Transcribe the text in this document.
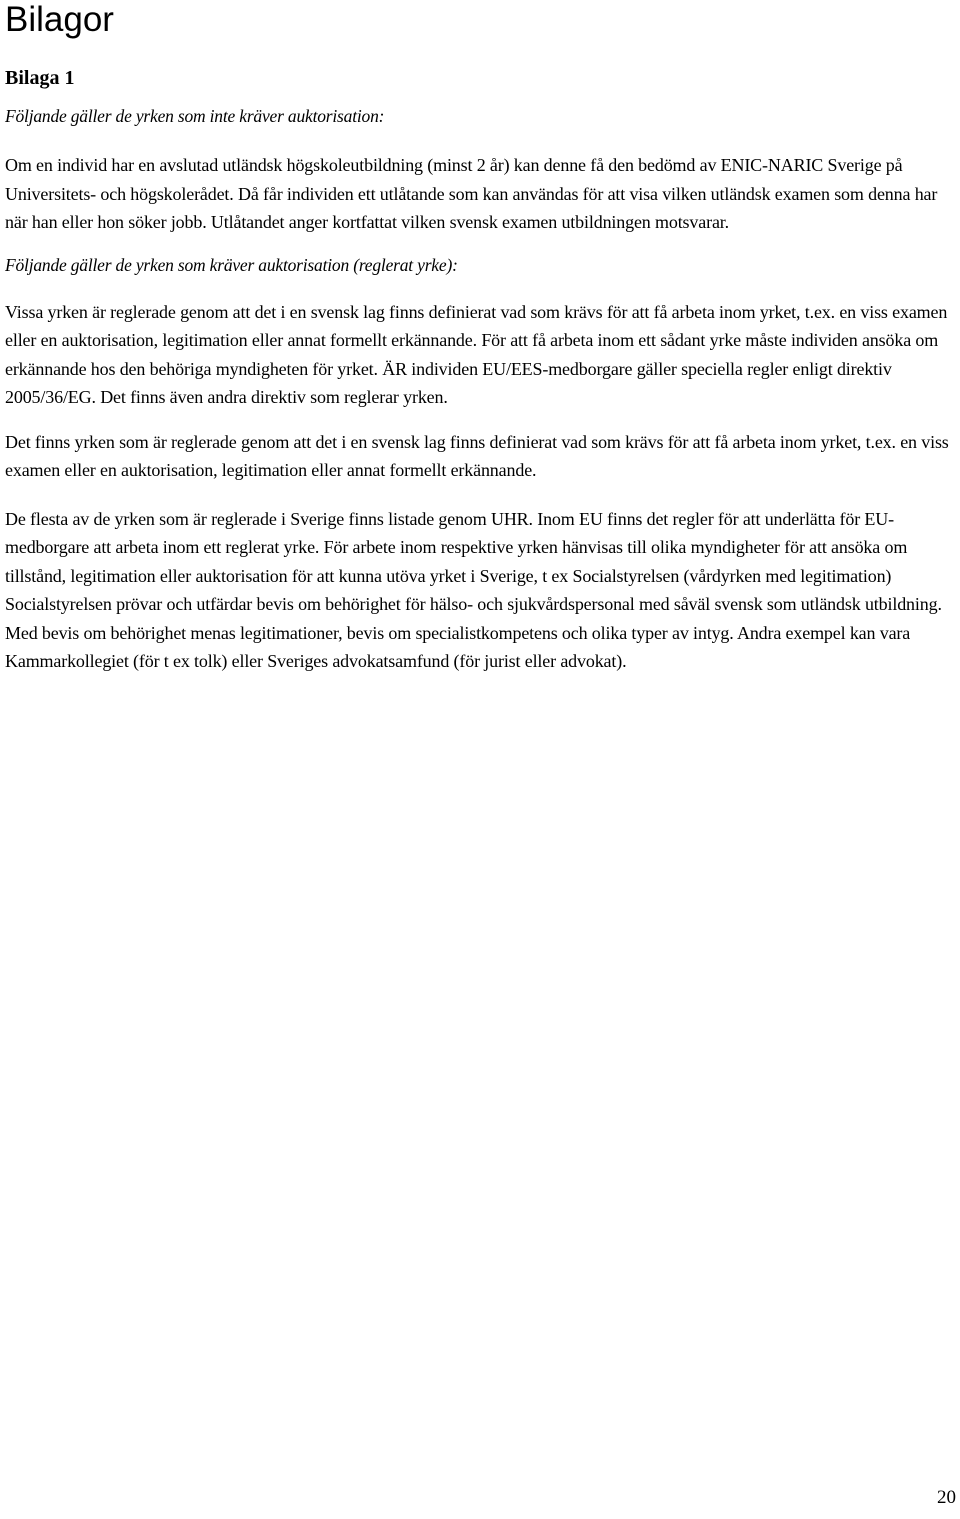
Bilagor
Bilaga 1

Följande gäller de yrken som inte kräver auktorisation:

Om en individ har en avslutad utländsk högskoleutbildning (minst 2 år) kan denne få den bedömd av ENIC-NARIC Sverige på Universitets- och högskolerådet. Då får individen ett utlåtande som kan användas för att visa vilken utländsk examen som denna har när han eller hon söker jobb. Utlåtandet anger kortfattat vilken svensk examen utbildningen motsvarar.

Följande gäller de yrken som kräver auktorisation (reglerat yrke):

Vissa yrken är reglerade genom att det i en svensk lag finns definierat vad som krävs för att få arbeta inom yrket, t.ex. en viss examen eller en auktorisation, legitimation eller annat formellt erkännande. För att få arbeta inom ett sådant yrke måste individen ansöka om erkännande hos den behöriga myndigheten för yrket. ÄR individen EU/EES-medborgare gäller speciella regler enligt direktiv 2005/36/EG. Det finns även andra direktiv som reglerar yrken.

Det finns yrken som är reglerade genom att det i en svensk lag finns definierat vad som krävs för att få arbeta inom yrket, t.ex. en viss examen eller en auktorisation, legitimation eller annat formellt erkännande.

De flesta av de yrken som är reglerade i Sverige finns listade genom UHR. Inom EU finns det regler för att underlätta för EU-medborgare att arbeta inom ett reglerat yrke. För arbete inom respektive yrken hänvisas till olika myndigheter för att ansöka om tillstånd, legitimation eller auktorisation för att kunna utöva yrket i Sverige, t ex Socialstyrelsen (vårdyrken med legitimation) Socialstyrelsen prövar och utfärdar bevis om behörighet för hälso- och sjukvårdspersonal med såväl svensk som utländsk utbildning. Med bevis om behörighet menas legitimationer, bevis om specialistkompetens och olika typer av intyg. Andra exempel kan vara Kammarkollegiet (för t ex tolk) eller Sveriges advokatsamfund (för jurist eller advokat).

20
